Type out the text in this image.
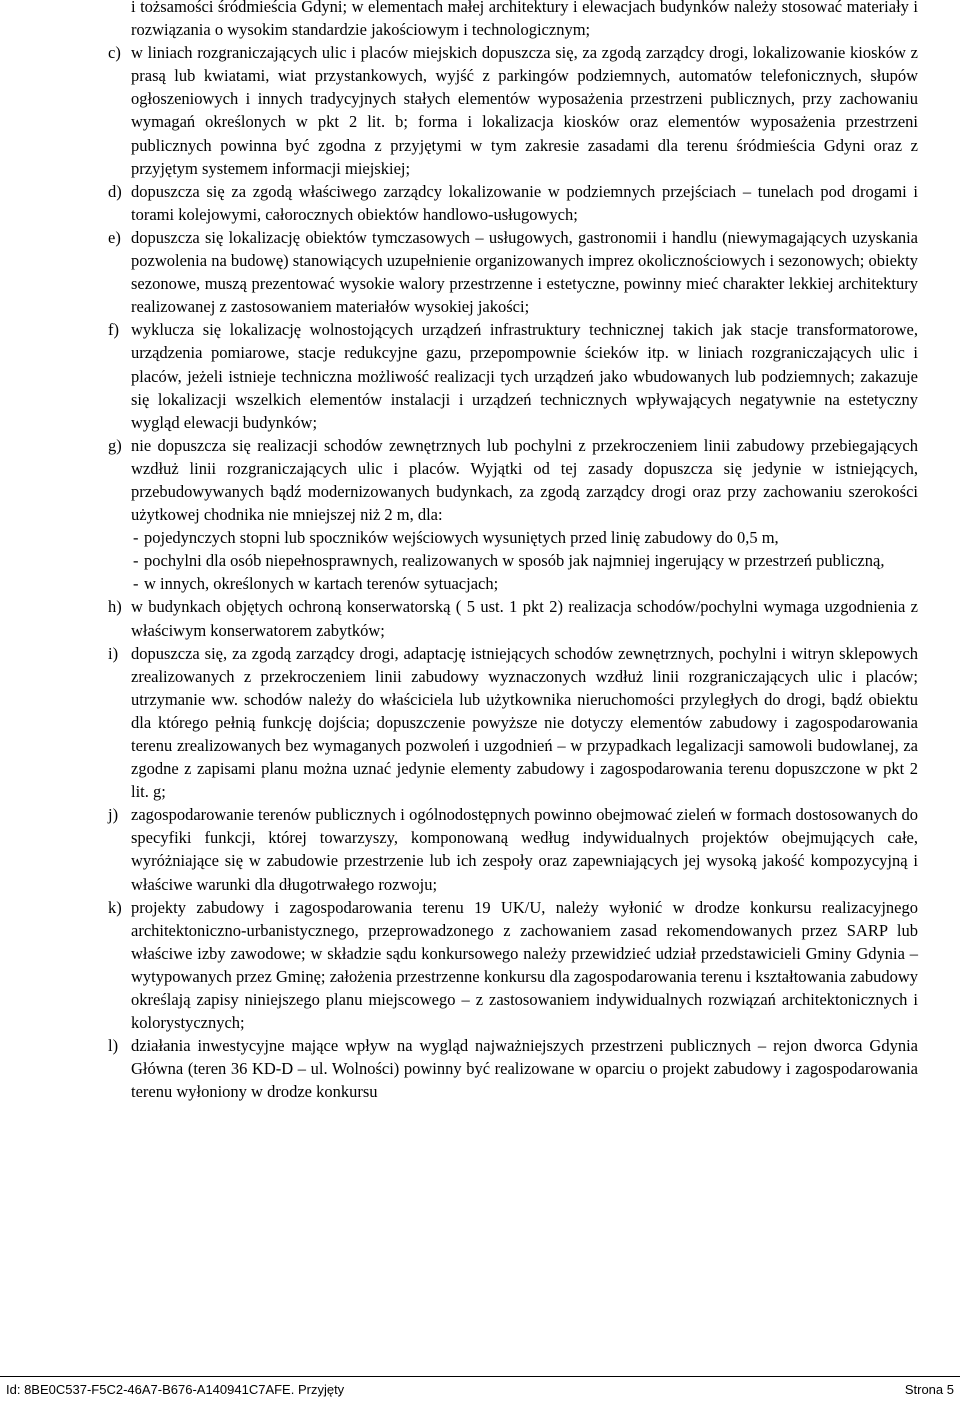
i tożsamości śródmieścia Gdyni; w elementach małej architektury i elewacjach budynków należy stosować materiały i rozwiązania o wysokim standardzie jakościowym i technologicznym;
c) w liniach rozgraniczających ulic i placów miejskich dopuszcza się, za zgodą zarządcy drogi, lokalizowanie kiosków z prasą lub kwiatami, wiat przystankowych, wyjść z parkingów podziemnych, automatów telefonicznych, słupów ogłoszeniowych i innych tradycyjnych stałych elementów wyposażenia przestrzeni publicznych, przy zachowaniu wymagań określonych w pkt 2 lit. b; forma i lokalizacja kiosków oraz elementów wyposażenia przestrzeni publicznych powinna być zgodna z przyjętymi w tym zakresie zasadami dla terenu śródmieścia Gdyni oraz z przyjętym systemem informacji miejskiej;
d) dopuszcza się za zgodą właściwego zarządcy lokalizowanie w podziemnych przejściach – tunelach pod drogami i torami kolejowymi, całorocznych obiektów handlowo-usługowych;
e) dopuszcza się lokalizację obiektów tymczasowych – usługowych, gastronomii i handlu (niewymagających uzyskania pozwolenia na budowę) stanowiących uzupełnienie organizowanych imprez okolicznościowych i sezonowych; obiekty sezonowe, muszą prezentować wysokie walory przestrzenne i estetyczne, powinny mieć charakter lekkiej architektury realizowanej z zastosowaniem materiałów wysokiej jakości;
f) wyklucza się lokalizację wolnostojących urządzeń infrastruktury technicznej takich jak stacje transformatorowe, urządzenia pomiarowe, stacje redukcyjne gazu, przepompownie ścieków itp. w liniach rozgraniczających ulic i placów, jeżeli istnieje techniczna możliwość realizacji tych urządzeń jako wbudowanych lub podziemnych; zakazuje się lokalizacji wszelkich elementów instalacji i urządzeń technicznych wpływających negatywnie na estetyczny wygląd elewacji budynków;
g) nie dopuszcza się realizacji schodów zewnętrznych lub pochylni z przekroczeniem linii zabudowy przebiegających wzdłuż linii rozgraniczających ulic i placów. Wyjątki od tej zasady dopuszcza się jedynie w istniejących, przebudowywanych bądź modernizowanych budynkach, za zgodą zarządcy drogi oraz przy zachowaniu szerokości użytkowej chodnika nie mniejszej niż 2 m, dla:
- pojedynczych stopni lub spoczników wejściowych wysuniętych przed linię zabudowy do 0,5 m,
- pochylni dla osób niepełnosprawnych, realizowanych w sposób jak najmniej ingerujący w przestrzeń publiczną,
- w innych, określonych w kartach terenów sytuacjach;
h) w budynkach objętych ochroną konserwatorską ( 5 ust. 1 pkt 2) realizacja schodów/pochylni wymaga uzgodnienia z właściwym konserwatorem zabytków;
i) dopuszcza się, za zgodą zarządcy drogi, adaptację istniejących schodów zewnętrznych, pochylni i witryn sklepowych zrealizowanych z przekroczeniem linii zabudowy wyznaczonych wzdłuż linii rozgraniczających ulic i placów; utrzymanie ww. schodów należy do właściciela lub użytkownika nieruchomości przyległych do drogi, bądź obiektu dla którego pełnią funkcję dojścia; dopuszczenie powyższe nie dotyczy elementów zabudowy i zagospodarowania terenu zrealizowanych bez wymaganych pozwoleń i uzgodnień – w przypadkach legalizacji samowoli budowlanej, za zgodne z zapisami planu można uznać jedynie elementy zabudowy i zagospodarowania terenu dopuszczone w pkt 2 lit. g;
j) zagospodarowanie terenów publicznych i ogólnodostępnych powinno obejmować zieleń w formach dostosowanych do specyfiki funkcji, której towarzyszy, komponowaną według indywidualnych projektów obejmujących całe, wyróżniające się w zabudowie przestrzenie lub ich zespoły oraz zapewniających jej wysoką jakość kompozycyjną i właściwe warunki dla długotrwałego rozwoju;
k) projekty zabudowy i zagospodarowania terenu 19 UK/U, należy wyłonić w drodze konkursu realizacyjnego architektoniczno-urbanistycznego, przeprowadzonego z zachowaniem zasad rekomendowanych przez SARP lub właściwe izby zawodowe; w składzie sądu konkursowego należy przewidzieć udział przedstawicieli Gminy Gdynia – wytypowanych przez Gminę; założenia przestrzenne konkursu dla zagospodarowania terenu i kształtowania zabudowy określają zapisy niniejszego planu miejscowego – z zastosowaniem indywidualnych rozwiązań architektonicznych i kolorystycznych;
l) działania inwestycyjne mające wpływ na wygląd najważniejszych przestrzeni publicznych – rejon dworca Gdynia Główna (teren 36 KD-D – ul. Wolności) powinny być realizowane w oparciu o projekt zabudowy i zagospodarowania terenu wyłoniony w drodze konkursu
Id: 8BE0C537-F5C2-46A7-B676-A140941C7AFE. Przyjęty	Strona 5
